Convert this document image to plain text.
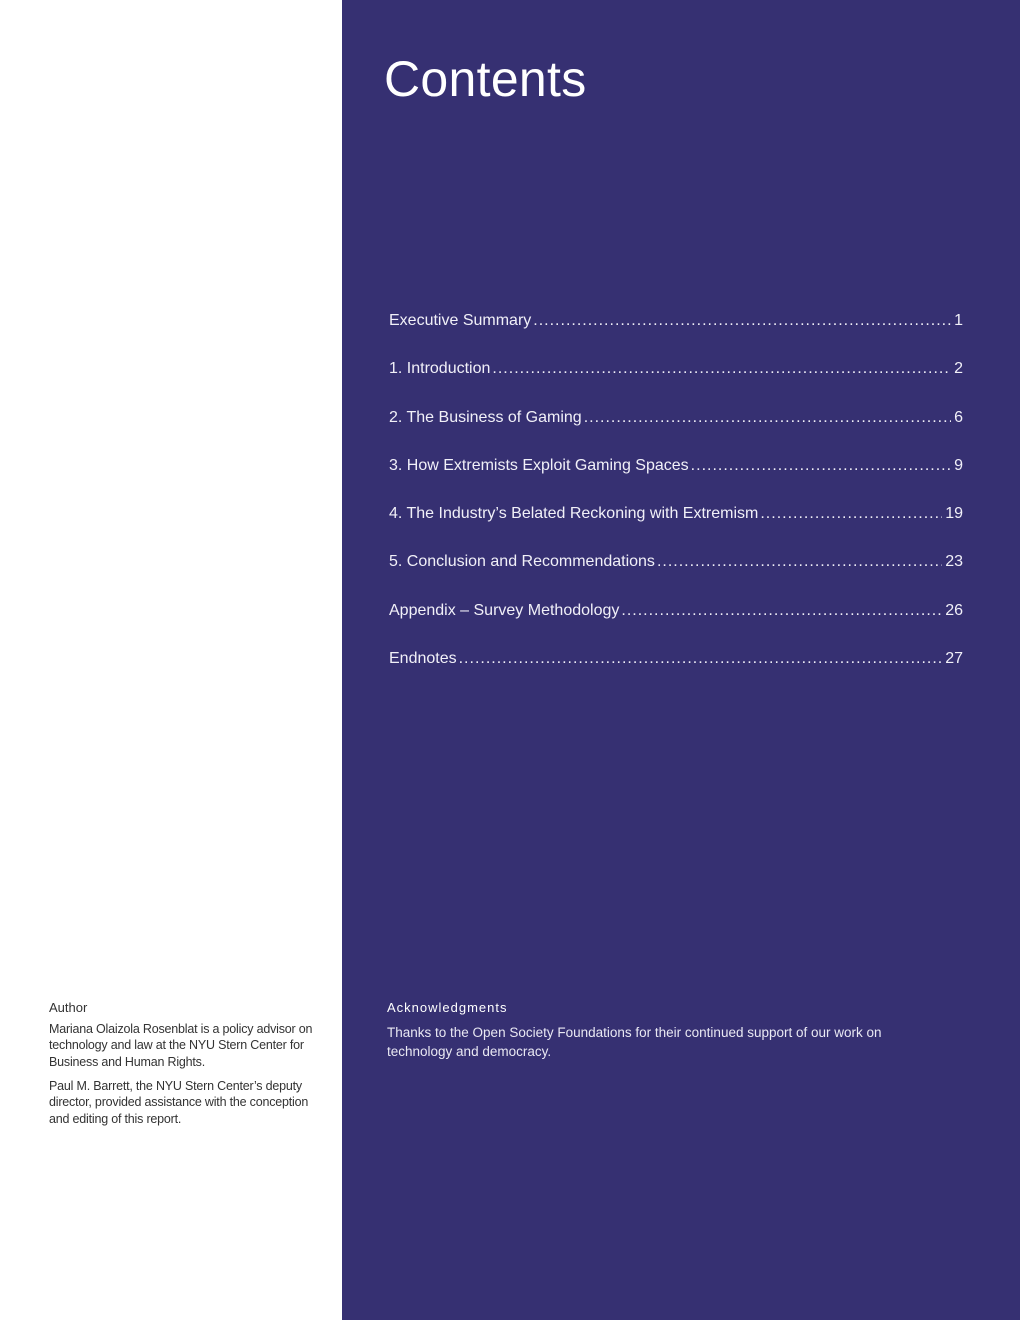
Author

Mariana Olaizola Rosenblat is a policy advisor on technology and law at the NYU Stern Center for Business and Human Rights.

Paul M. Barrett, the NYU Stern Center’s deputy director, provided assistance with the conception and editing of this report.

Contents
Executive Summary .....	1
1. Introduction .....	2
2. The Business of Gaming .....	6
3. How Extremists Exploit Gaming Spaces .....	9
4. The Industry’s Belated Reckoning with Extremism .....	19
5. Conclusion and Recommendations .....	23
Appendix – Survey Methodology .....	26
Endnotes .....	27
Acknowledgments

Thanks to the Open Society Foundations for their continued support of our work on technology and democracy.
